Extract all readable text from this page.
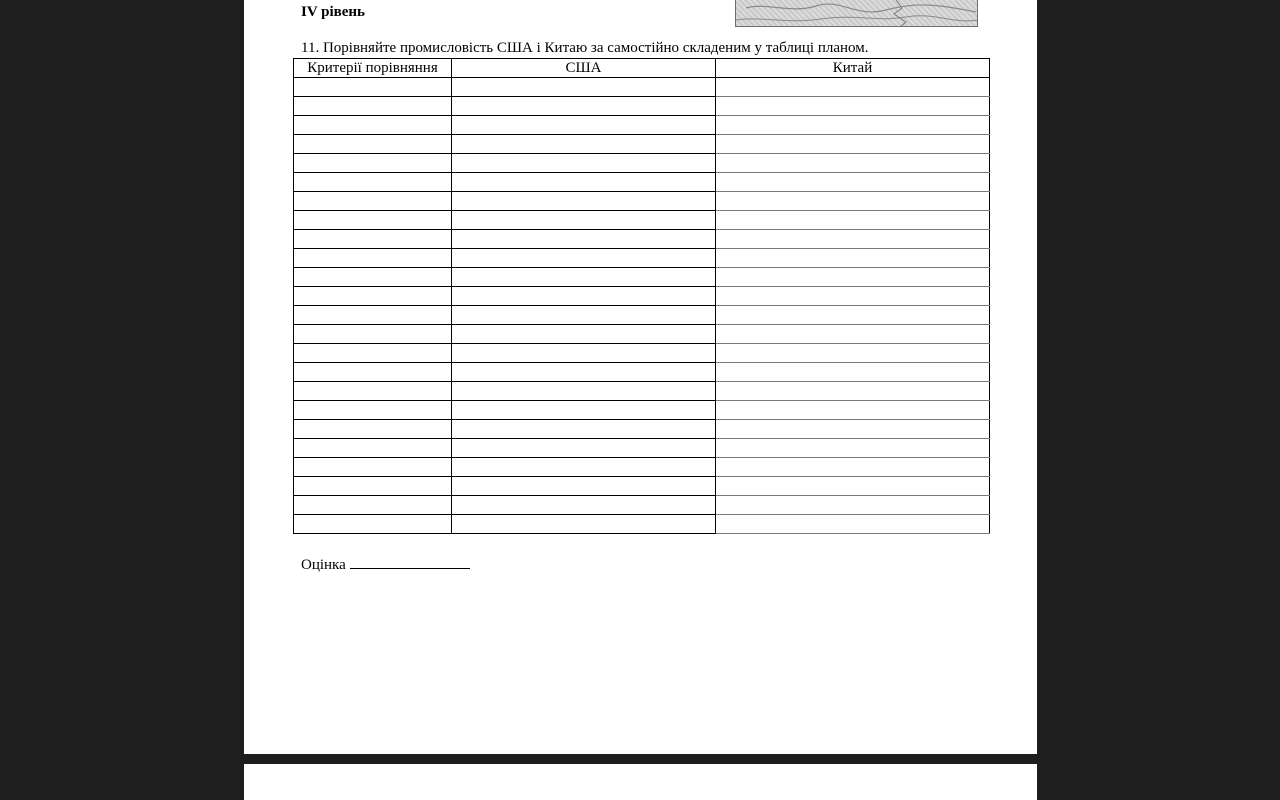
IV рівень
11. Порівняйте промисловість США і Китаю за самостійно складеним у таблиці планом.
Критерії порівняння	США	Китай

Оцінка
